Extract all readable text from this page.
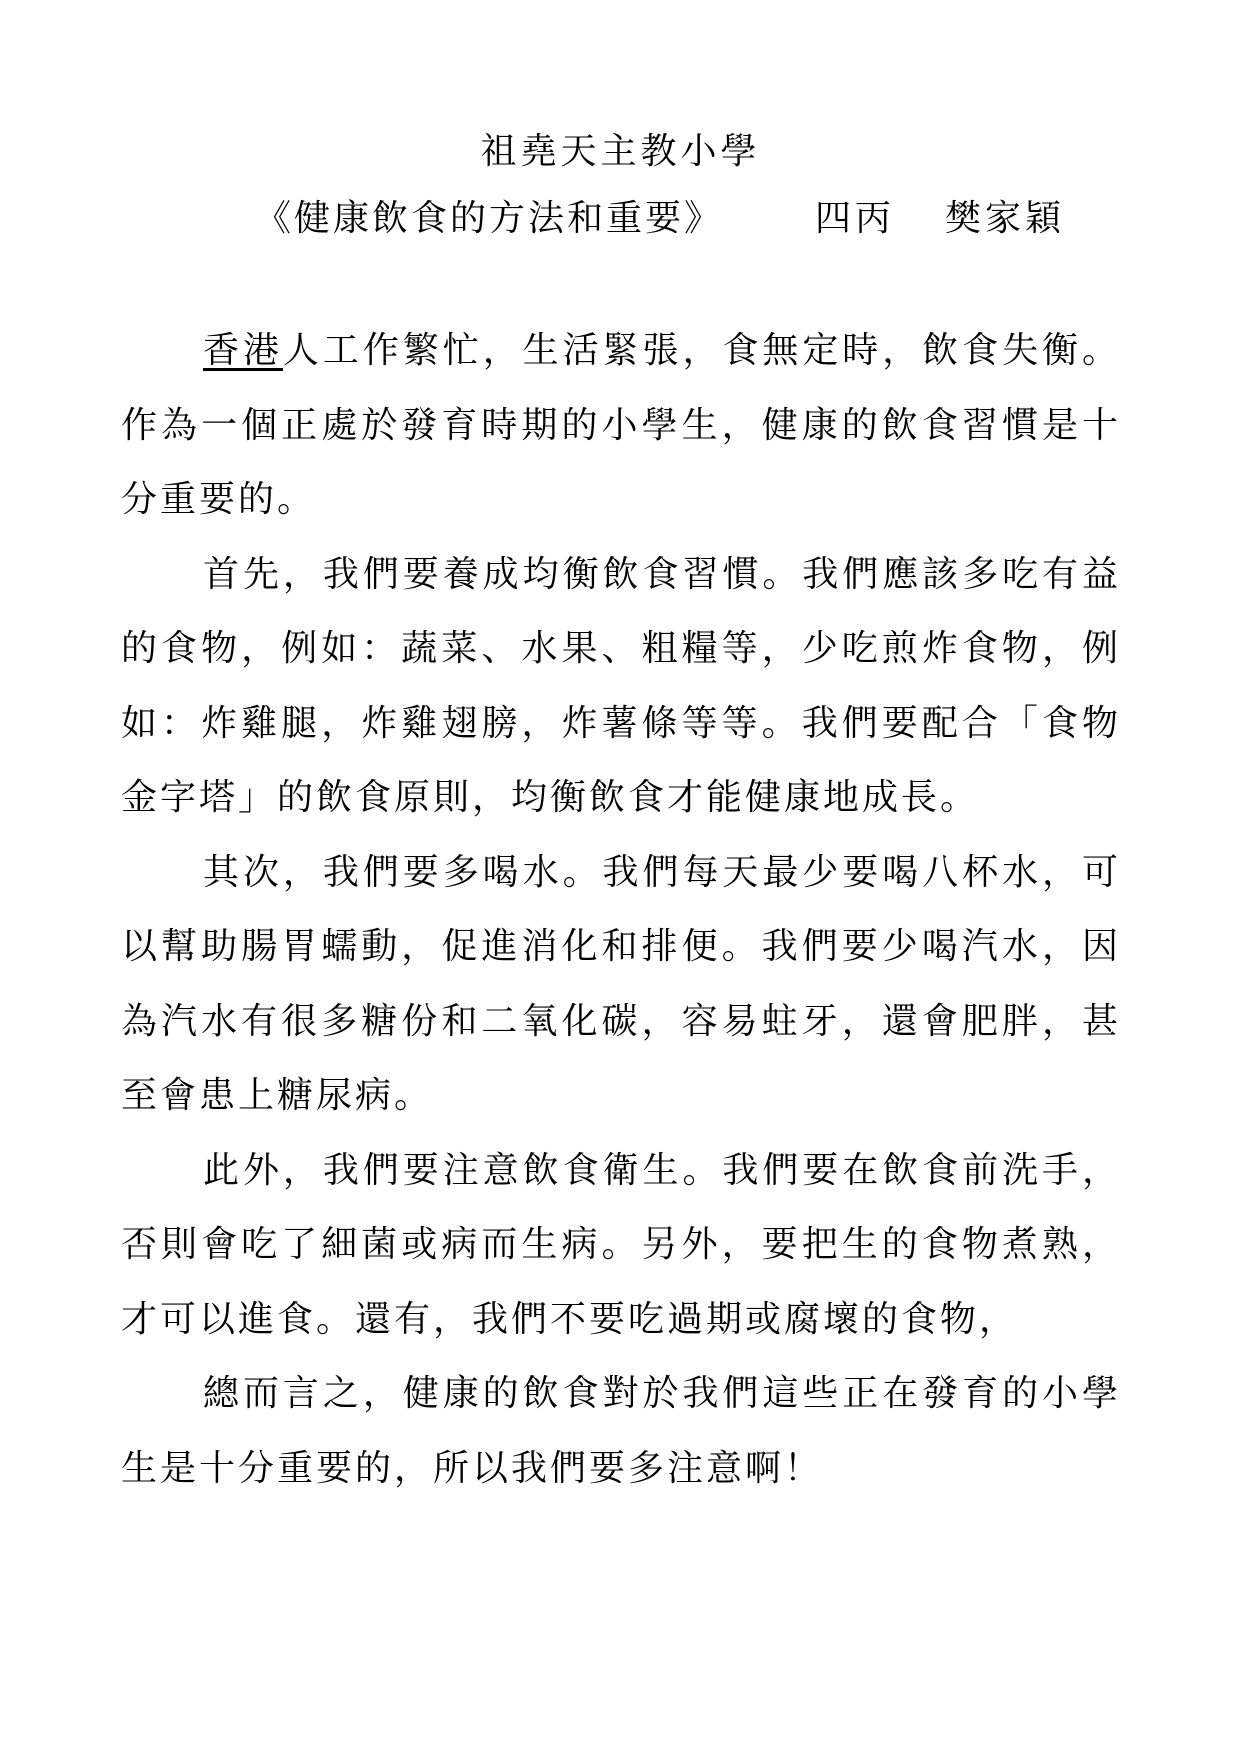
祖堯天主教小學
《健康飲食的方法和重要》	四丙 樊家穎

香港人工作繁忙，生活緊張，食無定時，飲食失衡。作為一個正處於發育時期的小學生，健康的飲食習慣是十分重要的。

首先，我們要養成均衡飲食習慣。我們應該多吃有益的食物，例如：蔬菜、水果、粗糧等，少吃煎炸食物，例如：炸雞腿，炸雞翅膀，炸薯條等等。我們要配合「食物金字塔」的飲食原則，均衡飲食才能健康地成長。

其次，我們要多喝水。我們每天最少要喝八杯水，可以幫助腸胃蠕動，促進消化和排便。我們要少喝汽水，因為汽水有很多糖份和二氧化碳，容易蛀牙，還會肥胖，甚至會患上糖尿病。

此外，我們要注意飲食衛生。我們要在飲食前洗手，否則會吃了細菌或病而生病。另外，要把生的食物煮熟，才可以進食。還有，我們不要吃過期或腐壞的食物，

總而言之，健康的飲食對於我們這些正在發育的小學生是十分重要的，所以我們要多注意啊！
